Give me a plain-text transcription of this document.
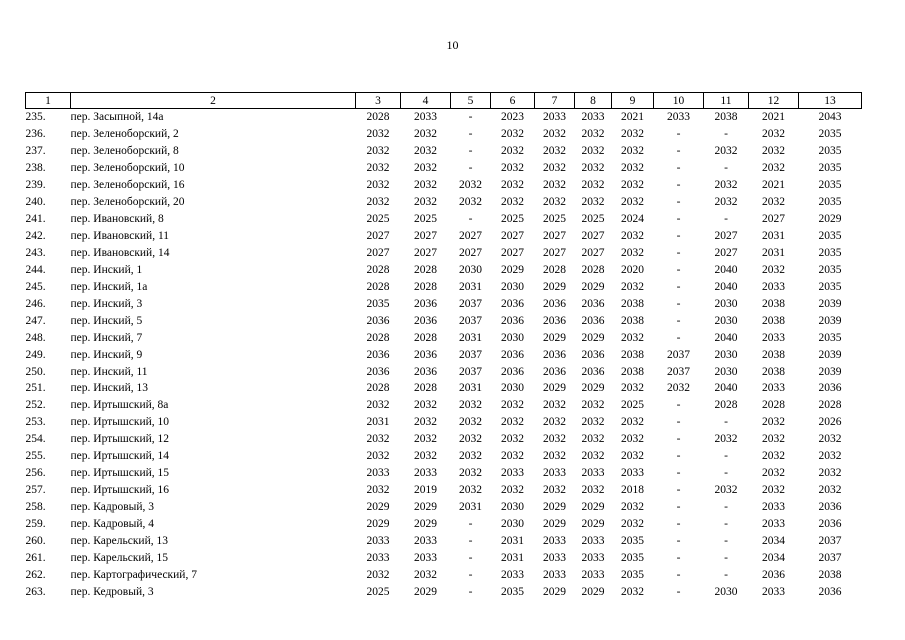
10
1	2	3	4	5	6	7	8	9	10	11	12	13
235.	пер. Засыпной, 14а	2028	2033	-	2023	2033	2033	2021	2033	2038	2021	2043
236.	пер. Зеленоборский, 2	2032	2032	-	2032	2032	2032	2032	-	-	2032	2035
237.	пер. Зеленоборский, 8	2032	2032	-	2032	2032	2032	2032	-	2032	2032	2035
238.	пер. Зеленоборский, 10	2032	2032	-	2032	2032	2032	2032	-	-	2032	2035
239.	пер. Зеленоборский, 16	2032	2032	2032	2032	2032	2032	2032	-	2032	2021	2035
240.	пер. Зеленоборский, 20	2032	2032	2032	2032	2032	2032	2032	-	2032	2032	2035
241.	пер. Ивановский, 8	2025	2025	-	2025	2025	2025	2024	-	-	2027	2029
242.	пер. Ивановский, 11	2027	2027	2027	2027	2027	2027	2032	-	2027	2031	2035
243.	пер. Ивановский, 14	2027	2027	2027	2027	2027	2027	2032	-	2027	2031	2035
244.	пер. Инский, 1	2028	2028	2030	2029	2028	2028	2020	-	2040	2032	2035
245.	пер. Инский, 1а	2028	2028	2031	2030	2029	2029	2032	-	2040	2033	2035
246.	пер. Инский, 3	2035	2036	2037	2036	2036	2036	2038	-	2030	2038	2039
247.	пер. Инский, 5	2036	2036	2037	2036	2036	2036	2038	-	2030	2038	2039
248.	пер. Инский, 7	2028	2028	2031	2030	2029	2029	2032	-	2040	2033	2035
249.	пер. Инский, 9	2036	2036	2037	2036	2036	2036	2038	2037	2030	2038	2039
250.	пер. Инский, 11	2036	2036	2037	2036	2036	2036	2038	2037	2030	2038	2039
251.	пер. Инский, 13	2028	2028	2031	2030	2029	2029	2032	2032	2040	2033	2036
252.	пер. Иртышский, 8а	2032	2032	2032	2032	2032	2032	2025	-	2028	2028	2028
253.	пер. Иртышский, 10	2031	2032	2032	2032	2032	2032	2032	-	-	2032	2026
254.	пер. Иртышский, 12	2032	2032	2032	2032	2032	2032	2032	-	2032	2032	2032
255.	пер. Иртышский, 14	2032	2032	2032	2032	2032	2032	2032	-	-	2032	2032
256.	пер. Иртышский, 15	2033	2033	2032	2033	2033	2033	2033	-	-	2032	2032
257.	пер. Иртышский, 16	2032	2019	2032	2032	2032	2032	2018	-	2032	2032	2032
258.	пер. Кадровый, 3	2029	2029	2031	2030	2029	2029	2032	-	-	2033	2036
259.	пер. Кадровый, 4	2029	2029	-	2030	2029	2029	2032	-	-	2033	2036
260.	пер. Карельский, 13	2033	2033	-	2031	2033	2033	2035	-	-	2034	2037
261.	пер. Карельский, 15	2033	2033	-	2031	2033	2033	2035	-	-	2034	2037
262.	пер. Картографический, 7	2032	2032	-	2033	2033	2033	2035	-	-	2036	2038
263.	пер. Кедровый, 3	2025	2029	-	2035	2029	2029	2032	-	2030	2033	2036
